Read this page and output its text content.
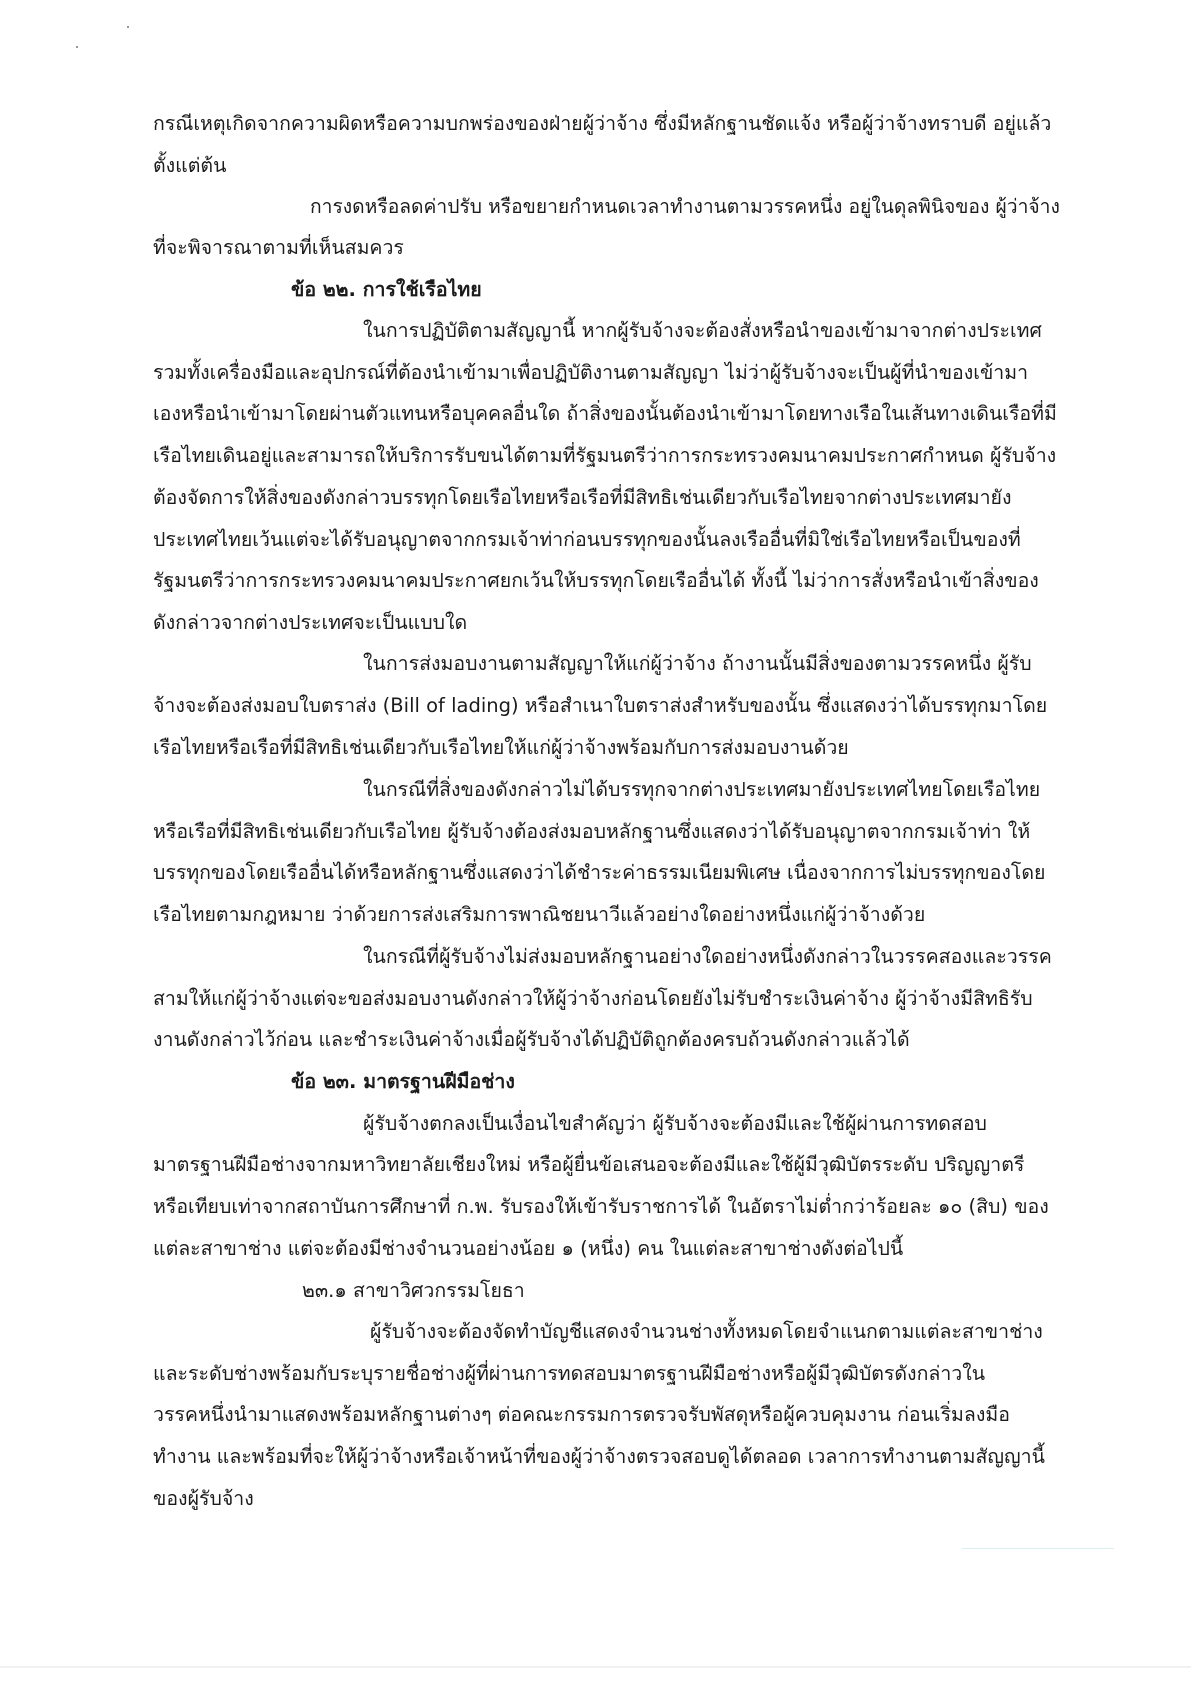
กรณีเหตุเกิดจากความผิดหรือความบกพร่องของฝ่ายผู้ว่าจ้าง ซึ่งมีหลักฐานชัดแจ้ง หรือผู้ว่าจ้างทราบดี อยู่แล้ว
ตั้งแต่ต้น
การงดหรือลดค่าปรับ หรือขยายกำหนดเวลาทำงานตามวรรคหนึ่ง อยู่ในดุลพินิจของ ผู้ว่าจ้าง
ที่จะพิจารณาตามที่เห็นสมควร
ข้อ ๒๒. การใช้เรือไทย
ในการปฏิบัติตามสัญญานี้ หากผู้รับจ้างจะต้องสั่งหรือนำของเข้ามาจากต่างประเทศ
รวมทั้งเครื่องมือและอุปกรณ์ที่ต้องนำเข้ามาเพื่อปฏิบัติงานตามสัญญา ไม่ว่าผู้รับจ้างจะเป็นผู้ที่นำของเข้ามา
เองหรือนำเข้ามาโดยผ่านตัวแทนหรือบุคคลอื่นใด ถ้าสิ่งของนั้นต้องนำเข้ามาโดยทางเรือในเส้นทางเดินเรือที่มี
เรือไทยเดินอยู่และสามารถให้บริการรับขนได้ตามที่รัฐมนตรีว่าการกระทรวงคมนาคมประกาศกำหนด ผู้รับจ้าง
ต้องจัดการให้สิ่งของดังกล่าวบรรทุกโดยเรือไทยหรือเรือที่มีสิทธิเช่นเดียวกับเรือไทยจากต่างประเทศมายัง
ประเทศไทยเว้นแต่จะได้รับอนุญาตจากกรมเจ้าท่าก่อนบรรทุกของนั้นลงเรืออื่นที่มิใช่เรือไทยหรือเป็นของที่
รัฐมนตรีว่าการกระทรวงคมนาคมประกาศยกเว้นให้บรรทุกโดยเรืออื่นได้ ทั้งนี้ ไม่ว่าการสั่งหรือนำเข้าสิ่งของ
ดังกล่าวจากต่างประเทศจะเป็นแบบใด
ในการส่งมอบงานตามสัญญาให้แก่ผู้ว่าจ้าง ถ้างานนั้นมีสิ่งของตามวรรคหนึ่ง ผู้รับ
จ้างจะต้องส่งมอบใบตราส่ง (Bill of lading) หรือสำเนาใบตราส่งสำหรับของนั้น ซึ่งแสดงว่าได้บรรทุกมาโดย
เรือไทยหรือเรือที่มีสิทธิเช่นเดียวกับเรือไทยให้แก่ผู้ว่าจ้างพร้อมกับการส่งมอบงานด้วย
ในกรณีที่สิ่งของดังกล่าวไม่ได้บรรทุกจากต่างประเทศมายังประเทศไทยโดยเรือไทย
หรือเรือที่มีสิทธิเช่นเดียวกับเรือไทย ผู้รับจ้างต้องส่งมอบหลักฐานซึ่งแสดงว่าได้รับอนุญาตจากกรมเจ้าท่า ให้
บรรทุกของโดยเรืออื่นได้หรือหลักฐานซึ่งแสดงว่าได้ชำระค่าธรรมเนียมพิเศษ เนื่องจากการไม่บรรทุกของโดย
เรือไทยตามกฎหมาย ว่าด้วยการส่งเสริมการพาณิชยนาวีแล้วอย่างใดอย่างหนึ่งแก่ผู้ว่าจ้างด้วย
ในกรณีที่ผู้รับจ้างไม่ส่งมอบหลักฐานอย่างใดอย่างหนึ่งดังกล่าวในวรรคสองและวรรค
สามให้แก่ผู้ว่าจ้างแต่จะขอส่งมอบงานดังกล่าวให้ผู้ว่าจ้างก่อนโดยยังไม่รับชำระเงินค่าจ้าง ผู้ว่าจ้างมีสิทธิรับ
งานดังกล่าวไว้ก่อน และชำระเงินค่าจ้างเมื่อผู้รับจ้างได้ปฏิบัติถูกต้องครบถ้วนดังกล่าวแล้วได้
ข้อ ๒๓. มาตรฐานฝีมือช่าง
ผู้รับจ้างตกลงเป็นเงื่อนไขสำคัญว่า ผู้รับจ้างจะต้องมีและใช้ผู้ผ่านการทดสอบ
มาตรฐานฝีมือช่างจากมหาวิทยาลัยเชียงใหม่ หรือผู้ยื่นข้อเสนอจะต้องมีและใช้ผู้มีวุฒิบัตรระดับ ปริญญาตรี
หรือเทียบเท่าจากสถาบันการศึกษาที่ ก.พ. รับรองให้เข้ารับราชการได้ ในอัตราไม่ต่ำกว่าร้อยละ ๑๐ (สิบ) ของ
แต่ละสาขาช่าง แต่จะต้องมีช่างจำนวนอย่างน้อย ๑ (หนึ่ง) คน ในแต่ละสาขาช่างดังต่อไปนี้
๒๓.๑ สาขาวิศวกรรมโยธา
ผู้รับจ้างจะต้องจัดทำบัญชีแสดงจำนวนช่างทั้งหมดโดยจำแนกตามแต่ละสาขาช่าง
และระดับช่างพร้อมกับระบุรายชื่อช่างผู้ที่ผ่านการทดสอบมาตรฐานฝีมือช่างหรือผู้มีวุฒิบัตรดังกล่าวใน
วรรคหนึ่งนำมาแสดงพร้อมหลักฐานต่างๆ ต่อคณะกรรมการตรวจรับพัสดุหรือผู้ควบคุมงาน ก่อนเริ่มลงมือ
ทำงาน และพร้อมที่จะให้ผู้ว่าจ้างหรือเจ้าหน้าที่ของผู้ว่าจ้างตรวจสอบดูได้ตลอด เวลาการทำงานตามสัญญานี้
ของผู้รับจ้าง
